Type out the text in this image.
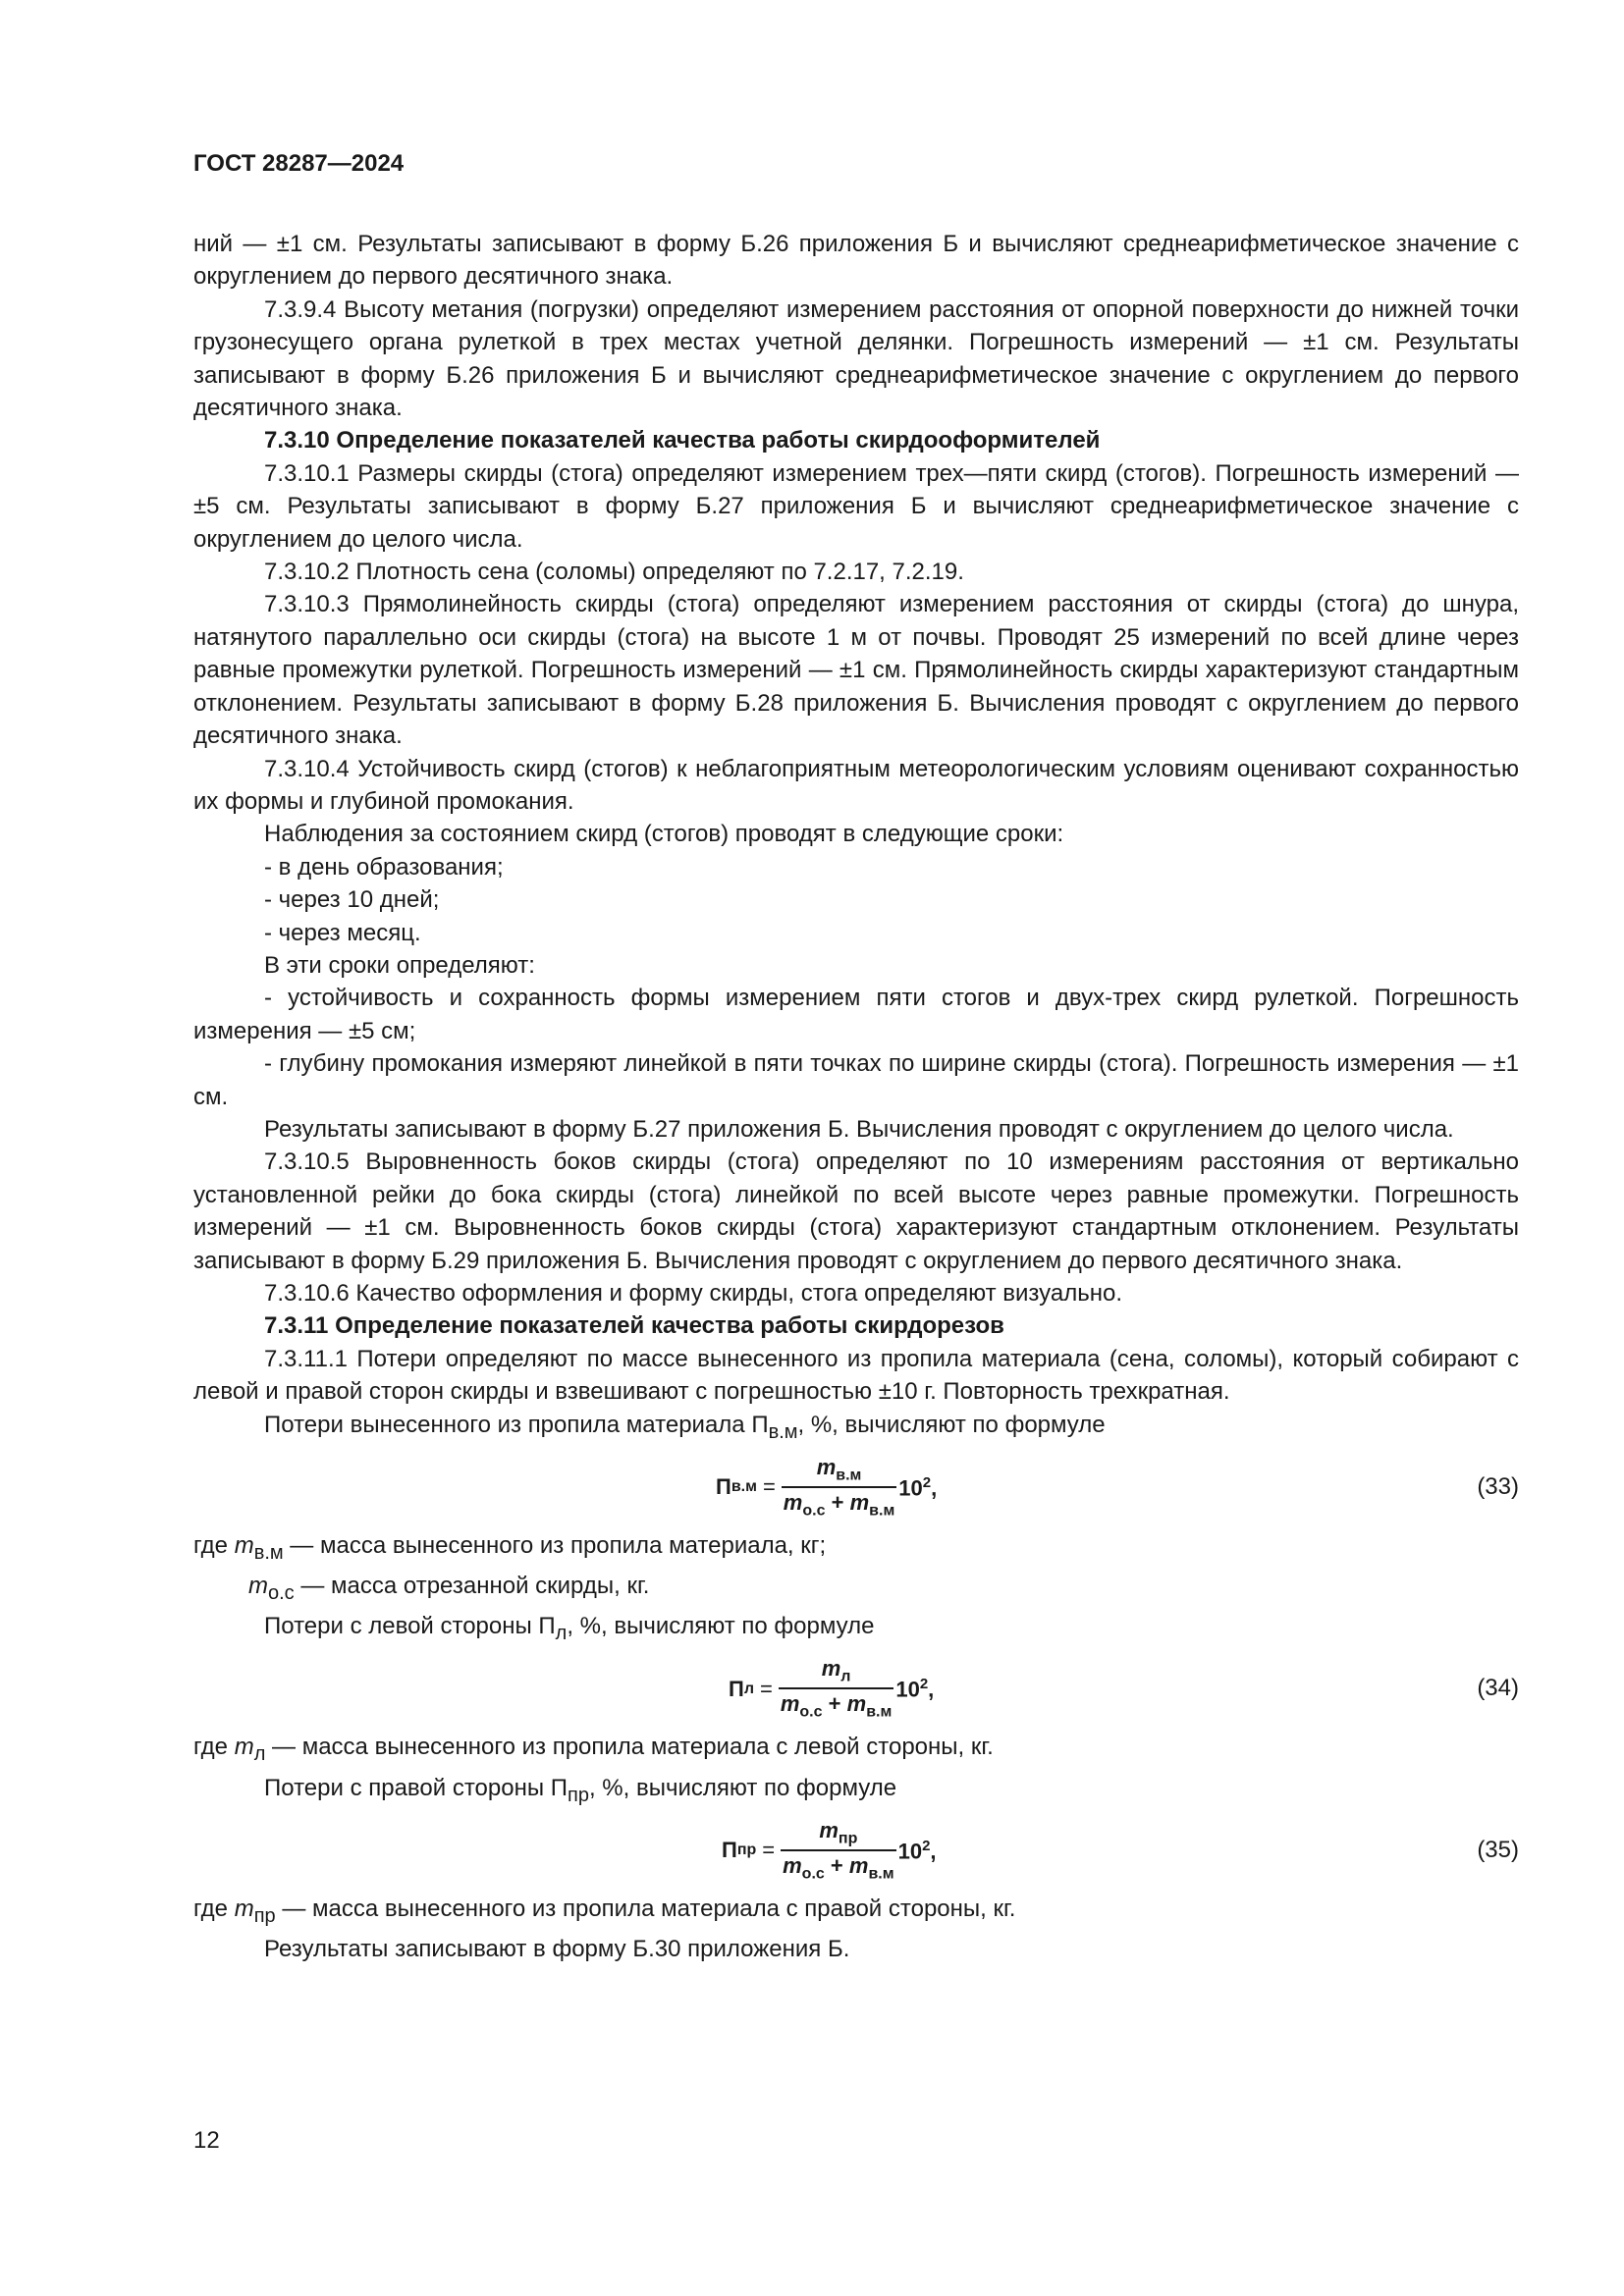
ГОСТ 28287—2024

ний — ±1 см. Результаты записывают в форму Б.26 приложения Б и вычисляют среднеарифметическое значение с округлением до первого десятичного знака.

7.3.9.4 Высоту метания (погрузки) определяют измерением расстояния от опорной поверхности до нижней точки грузонесущего органа рулеткой в трех местах учетной делянки. Погрешность измерений — ±1 см. Результаты записывают в форму Б.26 приложения Б и вычисляют среднеарифметическое значение с округлением до первого десятичного знака.

7.3.10 Определение показателей качества работы скирдооформителей

7.3.10.1 Размеры скирды (стога) определяют измерением трех—пяти скирд (стогов). Погрешность измерений — ±5 см. Результаты записывают в форму Б.27 приложения Б и вычисляют среднеарифметическое значение с округлением до целого числа.

7.3.10.2 Плотность сена (соломы) определяют по 7.2.17, 7.2.19.

7.3.10.3 Прямолинейность скирды (стога) определяют измерением расстояния от скирды (стога) до шнура, натянутого параллельно оси скирды (стога) на высоте 1 м от почвы. Проводят 25 измерений по всей длине через равные промежутки рулеткой. Погрешность измерений — ±1 см. Прямолинейность скирды характеризуют стандартным отклонением. Результаты записывают в форму Б.28 приложения Б. Вычисления проводят с округлением до первого десятичного знака.

7.3.10.4 Устойчивость скирд (стогов) к неблагоприятным метеорологическим условиям оценивают сохранностью их формы и глубиной промокания.

Наблюдения за состоянием скирд (стогов) проводят в следующие сроки:

- в день образования;

- через 10 дней;

- через месяц.

В эти сроки определяют:

- устойчивость и сохранность формы измерением пяти стогов и двух-трех скирд рулеткой. Погрешность измерения — ±5 см;

- глубину промокания измеряют линейкой в пяти точках по ширине скирды (стога). Погрешность измерения — ±1 см.

Результаты записывают в форму Б.27 приложения Б. Вычисления проводят с округлением до целого числа.

7.3.10.5 Выровненность боков скирды (стога) определяют по 10 измерениям расстояния от вертикально установленной рейки до бока скирды (стога) линейкой по всей высоте через равные промежутки. Погрешность измерений — ±1 см. Выровненность боков скирды (стога) характеризуют стандартным отклонением. Результаты записывают в форму Б.29 приложения Б. Вычисления проводят с округлением до первого десятичного знака.

7.3.10.6 Качество оформления и форму скирды, стога определяют визуально.

7.3.11 Определение показателей качества работы скирдорезов

7.3.11.1 Потери определяют по массе вынесенного из пропила материала (сена, соломы), который собирают с левой и правой сторон скирды и взвешивают с погрешностью ±10 г. Повторность трехкратная.

Потери вынесенного из пропила материала $П_{в.м}$, %, вычисляют по формуле

П $в.м = \frac{m_{в.м}}{m_{о.с} + m_{в.м}} 10^2$,	(33)

где $m_{в.м}$ — масса вынесенного из пропила материала, кг;

$m_{о.с}$ — масса отрезанной скирды, кг.

Потери с левой стороны $П_л$, %, вычисляют по формуле

П $л = \frac{m_л}{m_{о.с} + m_{в.м}} 10^2$,	(34)

где $m_л$ — масса вынесенного из пропила материала с левой стороны, кг.

Потери с правой стороны $П_{пр}$, %, вычисляют по формуле

П пр = $\frac{m_{пр}}{m_{о.с} + m_{в.м}} 10^2$,	(35)

где $m_{пр}$ — масса вынесенного из пропила материала с правой стороны, кг.

Результаты записывают в форму Б.30 приложения Б.

12
